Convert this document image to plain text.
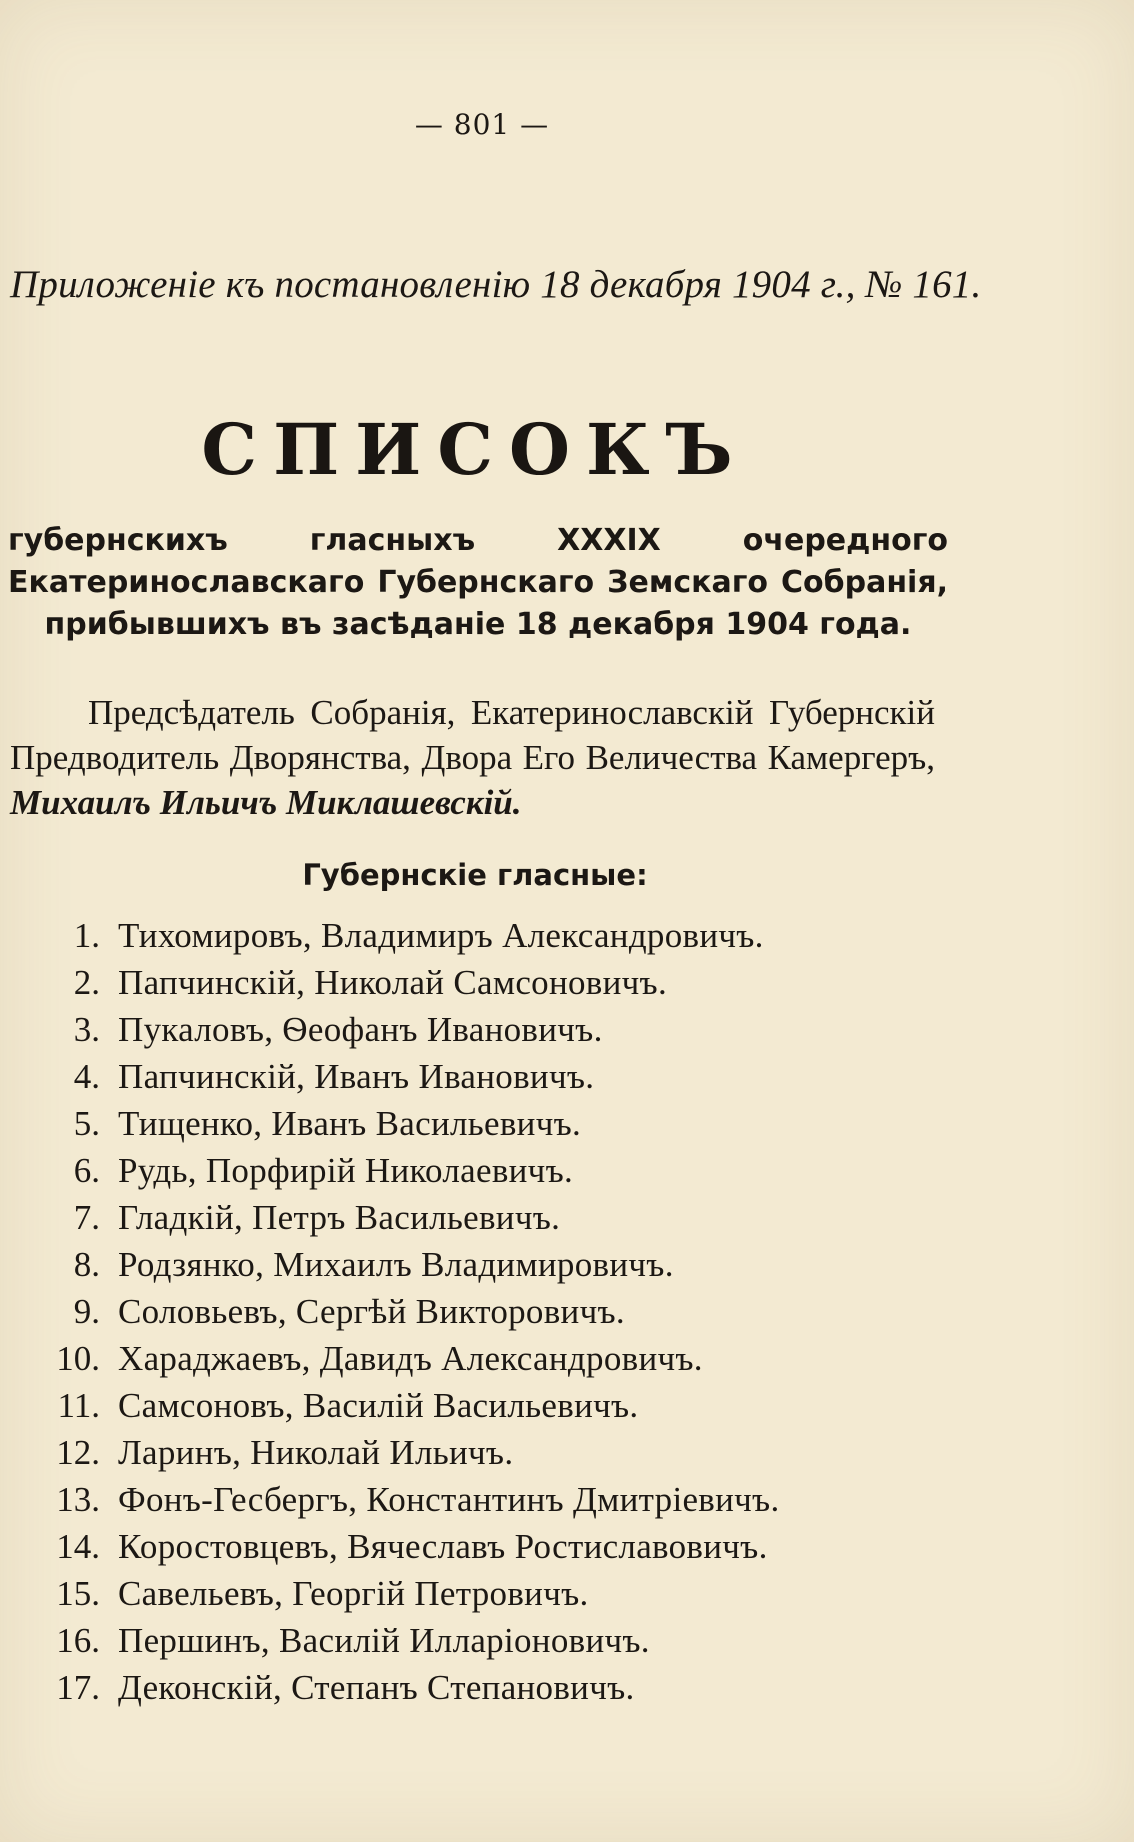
— 801 —
Приложенiе къ постановленiю 18 декабря 1904 г., № 161.
СПИСОКЪ
губернскихъ гласныхъ XXXIX очередного Екатеринославскаго Губернскаго Земскаго Собранiя, прибывшихъ въ засѣданiе 18 декабря 1904 года.
Предсѣдатель Собранiя, Екатеринославскiй Губернскiй Предводитель Дворянства, Двора Его Величества Камергеръ, Михаилъ Ильичъ Миклашевскiй.
Губернскiе гласные:
1. Тихомировъ, Владимиръ Александровичъ.
2. Папчинскiй, Николай Самсоновичъ.
3. Пукаловъ, Ѳеофанъ Ивановичъ.
4. Папчинскiй, Иванъ Ивановичъ.
5. Тищенко, Иванъ Васильевичъ.
6. Рудь, Порфирiй Николаевичъ.
7. Гладкiй, Петръ Васильевичъ.
8. Родзянко, Михаилъ Владимировичъ.
9. Соловьевъ, Сергѣй Викторовичъ.
10. Хараджаевъ, Давидъ Александровичъ.
11. Самсоновъ, Василiй Васильевичъ.
12. Ларинъ, Николай Ильичъ.
13. Фонъ-Гесбергъ, Константинъ Дмитрiевичъ.
14. Коростовцевъ, Вячеславъ Ростиславовичъ.
15. Савельевъ, Георгiй Петровичъ.
16. Першинъ, Василiй Илларiоновичъ.
17. Деконскiй, Степанъ Степановичъ.
